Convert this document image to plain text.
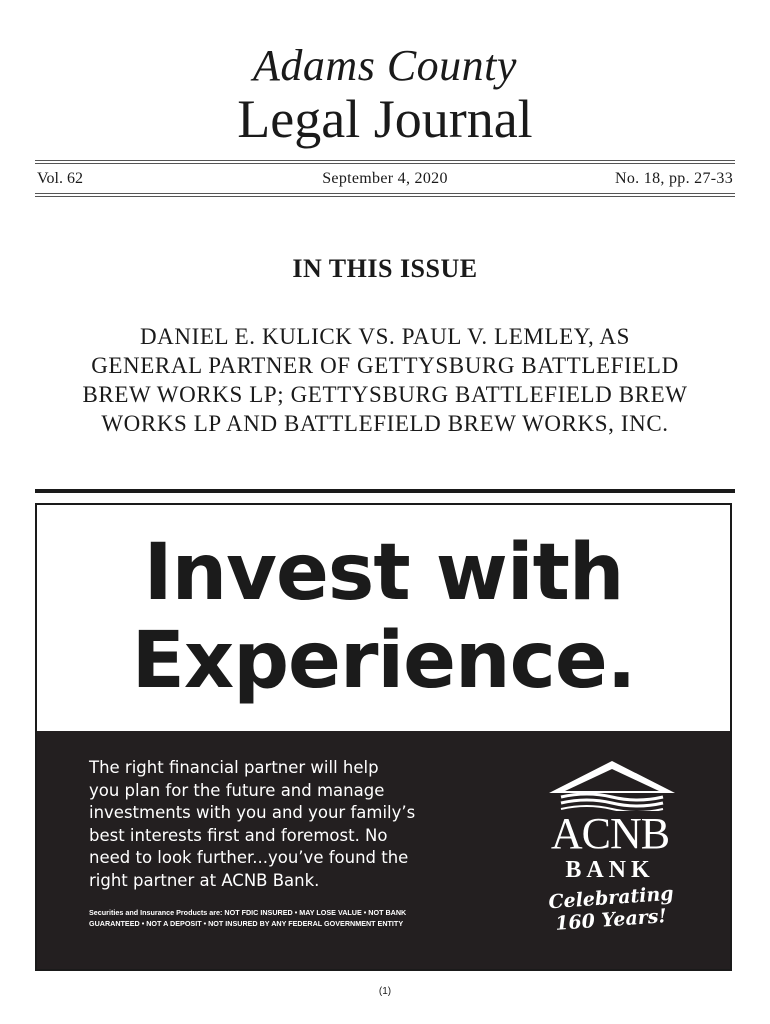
Adams County
Legal Journal
Vol. 62	September 4, 2020	No. 18, pp. 27-33
IN THIS ISSUE
DANIEL E. KULICK VS. PAUL V. LEMLEY, AS
GENERAL PARTNER OF GETTYSBURG BATTLEFIELD
BREW WORKS LP; GETTYSBURG BATTLEFIELD BREW
WORKS LP AND BATTLEFIELD BREW WORKS, INC.
Invest with
Experience.
The right financial partner will help
you plan for the future and manage
investments with you and your family’s
best interests first and foremost. No
need to look further...you’ve found the
right partner at ACNB Bank.
Securities and Insurance Products are: NOT FDIC INSURED • MAY LOSE VALUE • NOT BANK
GUARANTEED • NOT A DEPOSIT • NOT INSURED BY ANY FEDERAL GOVERNMENT ENTITY
ACNB
BANK
Celebrating
160 Years!
(1)
